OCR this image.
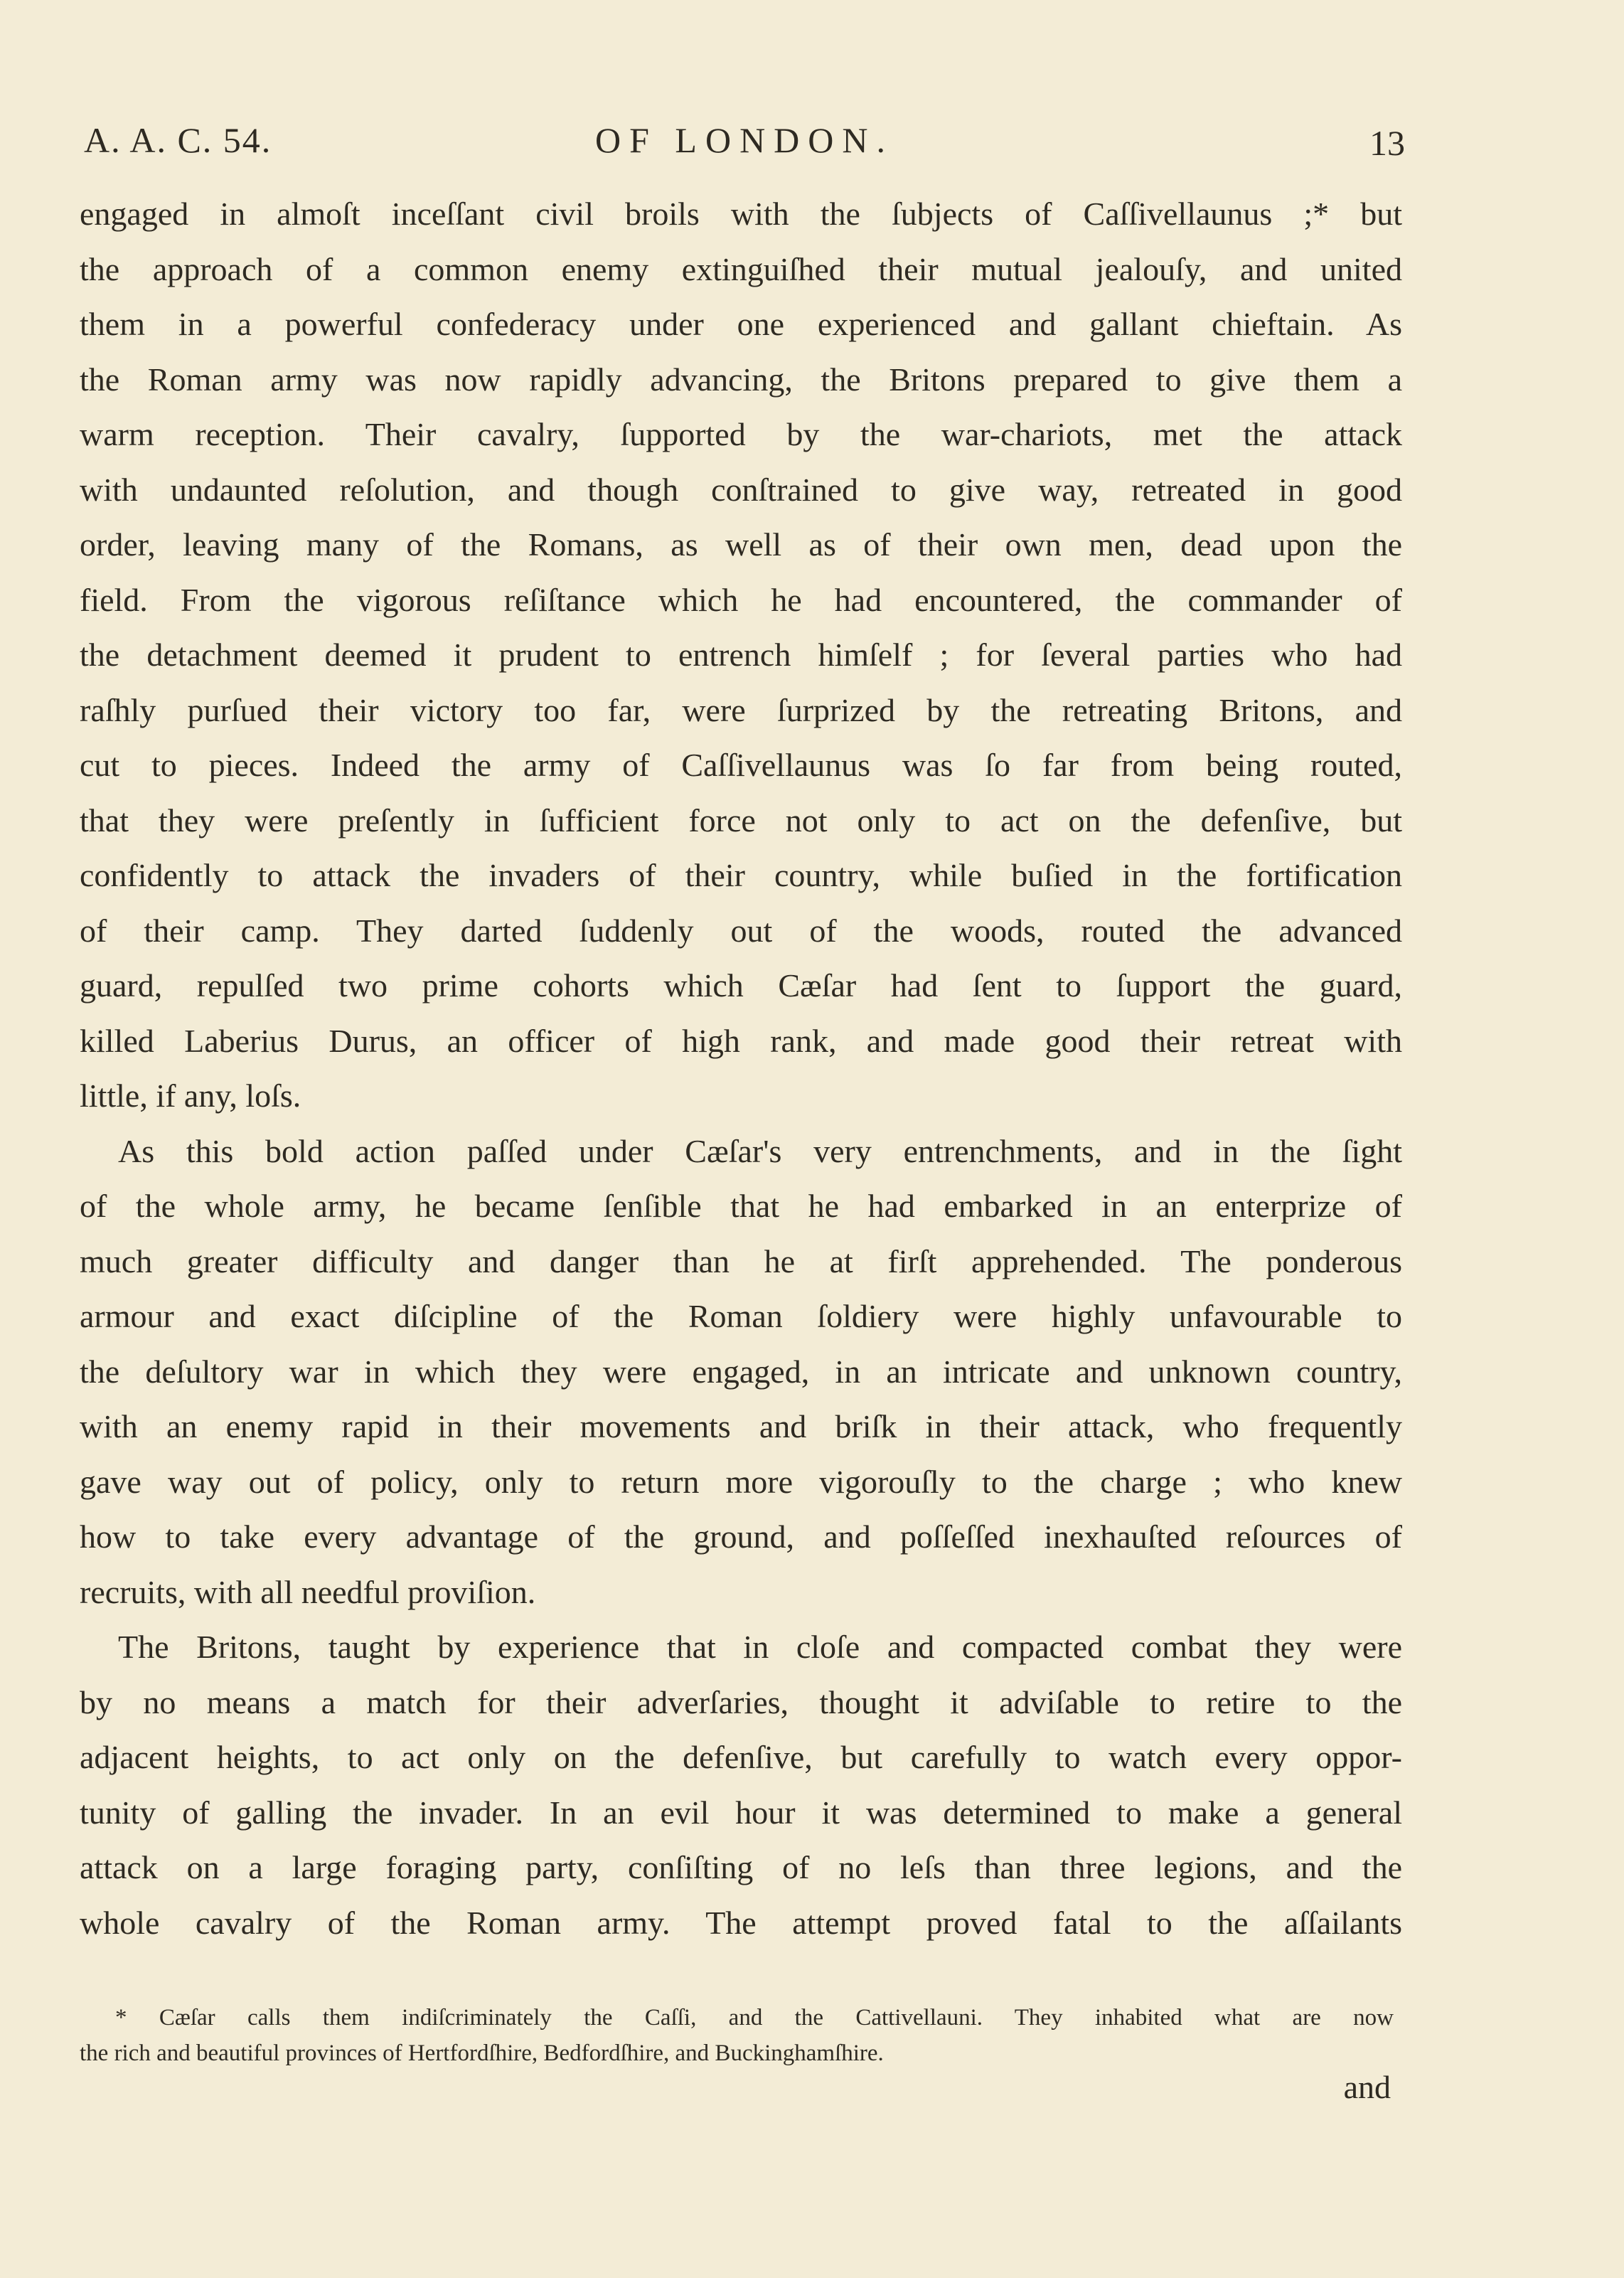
A. A. C. 54.	OF LONDON.	13
engaged in almoſt inceſſant civil broils with the ſubjects of Caſſivellaunus ;* but
the approach of a common enemy extinguiſhed their mutual jealouſy, and united
them in a powerful confederacy under one experienced and gallant chieftain. As
the Roman army was now rapidly advancing, the Britons prepared to give them a
warm reception. Their cavalry, ſupported by the war-chariots, met the attack
with undaunted reſolution, and though conſtrained to give way, retreated in good
order, leaving many of the Romans, as well as of their own men, dead upon the
field. From the vigorous reſiſtance which he had encountered, the commander of
the detachment deemed it prudent to entrench himſelf ; for ſeveral parties who had
raſhly purſued their victory too far, were ſurprized by the retreating Britons, and
cut to pieces. Indeed the army of Caſſivellaunus was ſo far from being routed,
that they were preſently in ſufficient force not only to act on the defenſive, but
confidently to attack the invaders of their country, while buſied in the fortification
of their camp. They darted ſuddenly out of the woods, routed the advanced
guard, repulſed two prime cohorts which Cæſar had ſent to ſupport the guard,
killed Laberius Durus, an officer of high rank, and made good their retreat with
little, if any, loſs.
As this bold action paſſed under Cæſar's very entrenchments, and in the ſight
of the whole army, he became ſenſible that he had embarked in an enterprize of
much greater difficulty and danger than he at firſt apprehended. The ponderous
armour and exact diſcipline of the Roman ſoldiery were highly unfavourable to
the deſultory war in which they were engaged, in an intricate and unknown country,
with an enemy rapid in their movements and briſk in their attack, who frequently
gave way out of policy, only to return more vigorouſly to the charge ; who knew
how to take every advantage of the ground, and poſſeſſed inexhauſted reſources of
recruits, with all needful proviſion.
The Britons, taught by experience that in cloſe and compacted combat they were
by no means a match for their adverſaries, thought it adviſable to retire to the
adjacent heights, to act only on the defenſive, but carefully to watch every oppor-
tunity of galling the invader. In an evil hour it was determined to make a general
attack on a large foraging party, conſiſting of no leſs than three legions, and the
whole cavalry of the Roman army. The attempt proved fatal to the aſſailants
* Cæſar calls them indiſcriminately the Caſſi, and the Cattivellauni. They inhabited what are now
the rich and beautiful provinces of Hertfordſhire, Bedfordſhire, and Buckinghamſhire.
and
